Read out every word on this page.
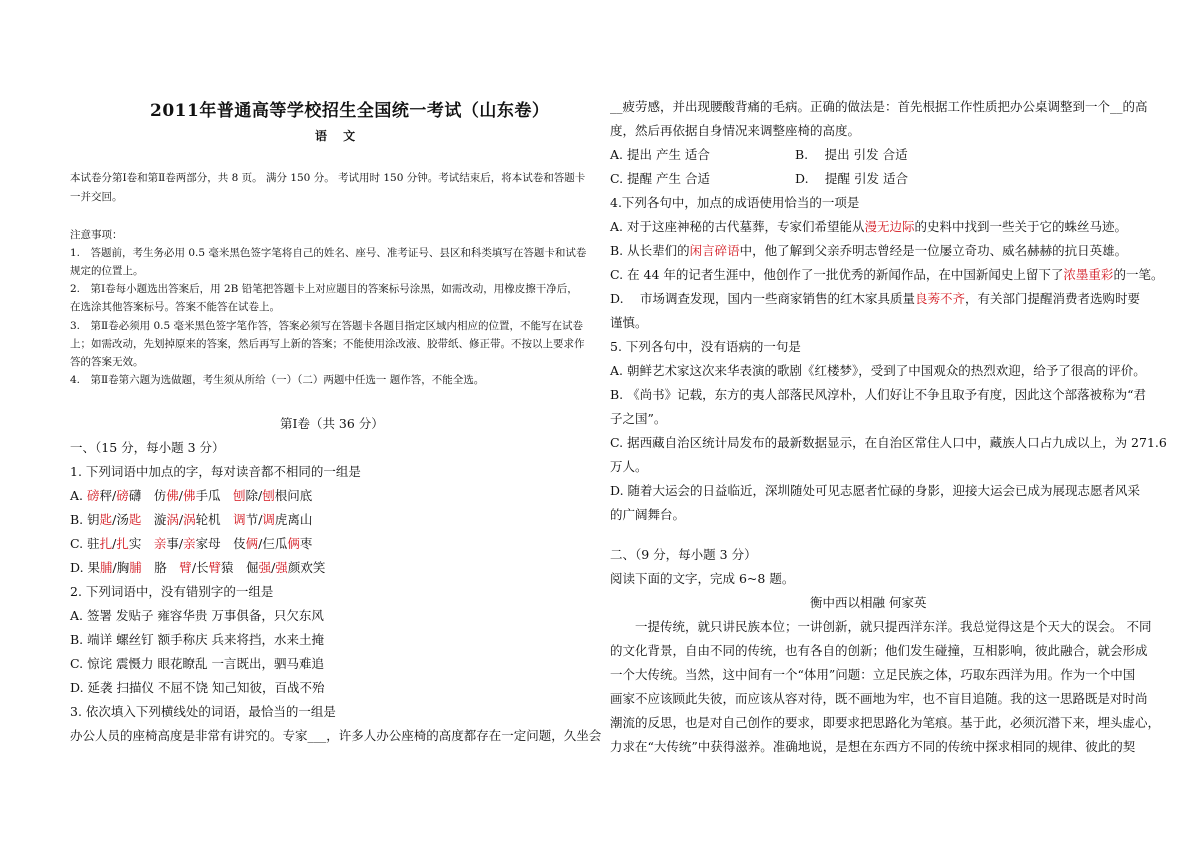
2011年普通高等学校招生全国统一考试（山东卷）
语 文
本试卷分第Ⅰ卷和第Ⅱ卷两部分，共 8 页。 满分 150 分。 考试用时 150 分钟。考试结束后，将本试卷和答题卡
一并交回。
注意事项：
1.　答题前，考生务必用 0.5 毫米黑色签字笔将自己的姓名、座号、准考证号、县区和科类填写在答题卡和试卷
规定的位置上。
2.　第Ⅰ卷每小题选出答案后，用 2B 铅笔把答题卡上对应题目的答案标号涂黑，如需改动，用橡皮擦干净后，
在选涂其他答案标号。答案不能答在试卷上。
3.　第Ⅱ卷必须用 0.5 毫米黑色签字笔作答，答案必须写在答题卡各题目指定区域内相应的位置，不能写在试卷
上；如需改动，先划掉原来的答案，然后再写上新的答案；不能使用涂改液、胶带纸、修正带。不按以上要求作
答的答案无效。
4.　第Ⅱ卷第六题为选做题，考生须从所给（一）（二）两题中任选一 题作答，不能全选。
第Ⅰ卷（共 36 分）
一、（15 分，每小题 3 分）
1. 下列词语中加点的字，每对读音都不相同的一组是
A. 磅秤/磅礴　仿佛/佛手瓜　刨除/刨根问底
B. 钥匙/汤匙　漩涡/涡轮机　调节/调虎离山
C. 驻扎/扎实　亲事/亲家母　伎俩/仨瓜俩枣
D. 果脯/胸脯　胳　臂/长臂猿　倔强/强颜欢笑
2. 下列词语中，没有错别字的一组是
A. 签署 发贴子 雍容华贵 万事俱备，只欠东风
B. 端详 螺丝钉 额手称庆 兵来将挡，水来土掩
C. 惊诧 震慑力 眼花瞭乱 一言既出，驷马难追
D. 延袭 扫描仪 不屈不饶 知己知彼，百战不殆
3. 依次填入下列横线处的词语，最恰当的一组是
办公人员的座椅高度是非常有讲究的。专家___，许多人办公座椅的高度都存在一定问题，久坐会
__疲劳感，并出现腰酸背痛的毛病。正确的做法是：首先根据工作性质把办公桌调整到一个__的高
度，然后再依据自身情况来调整座椅的高度。
A. 提出 产生 适合	B.　 提出 引发 合适
C. 提醒 产生 合适	D.　 提醒 引发 适合
4.下列各句中，加点的成语使用恰当的一项是
A. 对于这座神秘的古代墓葬，专家们希望能从漫无边际的史料中找到一些关于它的蛛丝马迹。
B. 从长辈们的闲言碎语中，他了解到父亲乔明志曾经是一位屡立奇功、威名赫赫的抗日英雄。
C. 在 44 年的记者生涯中，他创作了一批优秀的新闻作品，在中国新闻史上留下了浓墨重彩的一笔。
D.　 市场调查发现，国内一些商家销售的红木家具质量良莠不齐，有关部门提醒消费者选购时要
谨慎。
5. 下列各句中，没有语病的一句是
A. 朝鲜艺术家这次来华表演的歌剧《红楼梦》，受到了中国观众的热烈欢迎，给予了很高的评价。
B. 《尚书》记载，东方的夷人部落民风淳朴，人们好让不争且取予有度，因此这个部落被称为“君
子之国”。
C. 据西藏自治区统计局发布的最新数据显示，在自治区常住人口中，藏族人口占九成以上，为 271.6
万人。
D. 随着大运会的日益临近，深圳随处可见志愿者忙碌的身影，迎接大运会已成为展现志愿者风采
的广阔舞台。
二、（9 分，每小题 3 分）
阅读下面的文字，完成 6~8 题。
衡中西以相融 何家英
　　一提传统，就只讲民族本位；一讲创新，就只提西洋东洋。我总觉得这是个天大的误会。 不同
的文化背景，自由不同的传统，也有各自的创新；他们发生碰撞，互相影响，彼此融合，就会形成
一个大传统。当然，这中间有一个“体用”问题：立足民族之体，巧取东西洋为用。作为一个中国
画家不应该顾此失彼，而应该从容对待，既不画地为牢，也不盲目追随。我的这一思路既是对时尚
潮流的反思，也是对自己创作的要求，即要求把思路化为笔痕。基于此，必须沉潜下来，埋头虚心，
力求在“大传统”中获得滋养。准确地说，是想在东西方不同的传统中探求相同的规律、彼此的契
